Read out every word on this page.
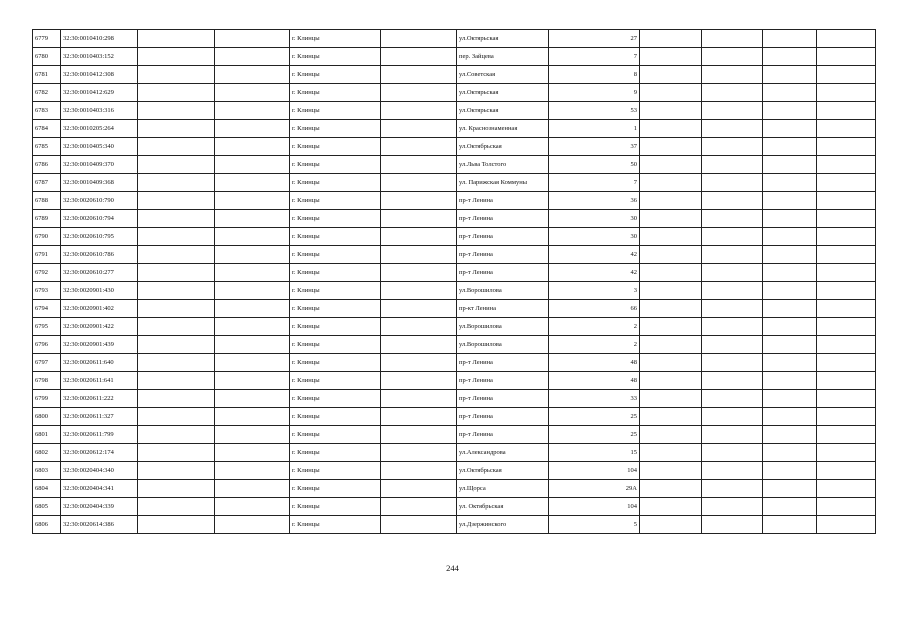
6779	32:30:0010410:298			г. Клинцы		ул.Октярьская	27				
6780	32:30:0010403:152			г. Клинцы		пер. Зайцева	7				
6781	32:30:0010412:308			г. Клинцы		ул.Советская	8				
6782	32:30:0010412:629			г. Клинцы		ул.Октярьская	9				
6783	32:30:0010403:316			г. Клинцы		ул.Октярьская	53				
6784	32:30:0010205:264			г. Клинцы		ул. Краснознаменная	1				
6785	32:30:0010405:340			г. Клинцы		ул.Октябрьская	37				
6786	32:30:0010409:370			г. Клинцы		ул.Льва Толстого	50				
6787	32:30:0010409:368			г. Клинцы		ул. Парижская Коммуны	7				
6788	32:30:0020610:790			г. Клинцы		пр-т Ленина	36				
6789	32:30:0020610:794			г. Клинцы		пр-т Ленина	30				
6790	32:30:0020610:795			г. Клинцы		пр-т Ленина	30				
6791	32:30:0020610:786			г. Клинцы		пр-т Ленина	42				
6792	32:30:0020610:277			г. Клинцы		пр-т Ленина	42				
6793	32:30:0020901:430			г. Клинцы		ул.Ворошилова	3				
6794	32:30:0020901:402			г. Клинцы		пр-кт Ленина	66				
6795	32:30:0020901:422			г. Клинцы		ул.Ворошилова	2				
6796	32:30:0020901:439			г. Клинцы		ул.Ворошилова	2				
6797	32:30:0020611:640			г. Клинцы		пр-т Ленина	48				
6798	32:30:0020611:641			г. Клинцы		пр-т Ленина	48				
6799	32:30:0020611:222			г. Клинцы		пр-т Ленина	33				
6800	32:30:0020611:327			г. Клинцы		пр-т Ленина	25				
6801	32:30:0020611:799			г. Клинцы		пр-т Ленина	25				
6802	32:30:0020612:174			г. Клинцы		ул.Александрова	15				
6803	32:30:0020404:340			г. Клинцы		ул.Октябрьская	104				
6804	32:30:0020404:341			г. Клинцы		ул.Щорса	29А				
6805	32:30:0020404:339			г. Клинцы		ул. Октябрьская	104				
6806	32:30:0020614:386			г. Клинцы		ул.Дзержинского	5				
244
